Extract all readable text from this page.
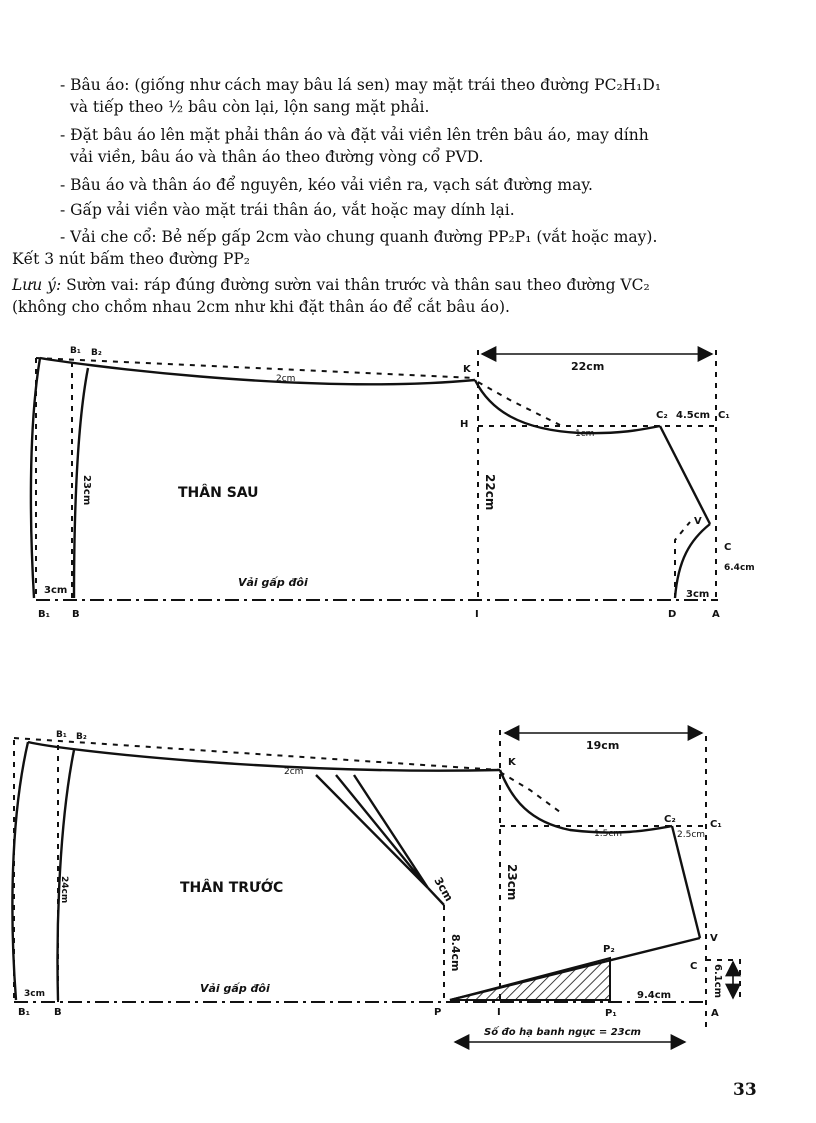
- Bâu áo: (giống như cách may bâu lá sen) may mặt trái theo đường PC₂H₁D₁
và tiếp theo ½ bâu còn lại, lộn sang mặt phải.
- Đặt bâu áo lên mặt phải thân áo và đặt vải viền lên trên bâu áo, may dính
vải viền, bâu áo và thân áo theo đường vòng cổ PVD.
- Bâu áo và thân áo để nguyên, kéo vải viền ra, vạch sát đường may.
- Gấp vải viền vào mặt trái thân áo, vắt hoặc may dính lại.
- Vải che cổ: Bẻ nếp gấp 2cm vào chung quanh đường PP₂P₁ (vắt hoặc may).
Kết 3 nút bấm theo đường PP₂
Lưu ý: Sườn vai: ráp đúng đường sườn vai thân trước và thân sau theo đường VC₂
(không cho chồm nhau 2cm như khi đặt thân áo để cắt bâu áo).
B₁ B₂
2cm
K	22cm
H
C₂ 4.5cm C₁
1cm
THÂN SAU
23cm	22cm
V
C
6.4cm
Vải gấp đôi
3cm	3cm
B₁ B	I	D	A
B₁ B₂
2cm
K
19cm
C₂	C₁
1.5cm	2.5cm
THÂN TRƯỚC
24cm	23cm
3cm
8.4cm	V
C
P₂
6.1cm
9.4cm
Vải gấp đôi
3cm
B₁ B	P	I	P₁	A
Số đo hạ banh ngực = 23cm
33
